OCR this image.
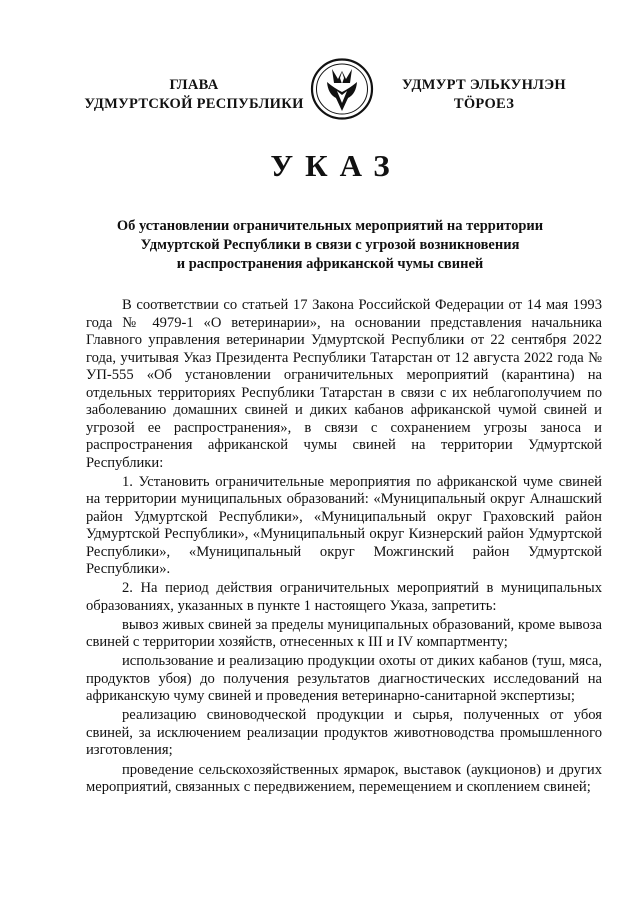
ГЛАВА
УДМУРТСКОЙ РЕСПУБЛИКИ
УДМУРТ ЭЛЬКУНЛЭН
ТӦРОЕЗ
УКАЗ
Об установлении ограничительных мероприятий на территории
Удмуртской Республики в связи с угрозой возникновения
и распространения африканской чумы свиней

В соответствии со статьей 17 Закона Российской Федерации от 14 мая 1993 года № 4979-1 «О ветеринарии», на основании представления начальника Главного управления ветеринарии Удмуртской Республики от 22 сентября 2022 года, учитывая Указ Президента Республики Татарстан от 12 августа 2022 года № УП-555 «Об установлении ограничительных мероприятий (карантина) на отдельных территориях Республики Татарстан в связи с их неблагополучием по заболеванию домашних свиней и диких кабанов африканской чумой свиней и угрозой ее распространения», в связи с сохранением угрозы заноса и распространения африканской чумы свиней на территории Удмуртской Республики:

1. Установить ограничительные мероприятия по африканской чуме свиней на территории муниципальных образований: «Муниципальный округ Алнашский район Удмуртской Республики», «Муниципальный округ Граховский район Удмуртской Республики», «Муниципальный округ Кизнерский район Удмуртской Республики», «Муниципальный округ Можгинский район Удмуртской Республики».

2. На период действия ограничительных мероприятий в муниципальных образованиях, указанных в пункте 1 настоящего Указа, запретить:

вывоз живых свиней за пределы муниципальных образований, кроме вывоза свиней с территории хозяйств, отнесенных к III и IV компартменту;

использование и реализацию продукции охоты от диких кабанов (туш, мяса, продуктов убоя) до получения результатов диагностических исследований на африканскую чуму свиней и проведения ветеринарно-санитарной экспертизы;

реализацию свиноводческой продукции и сырья, полученных от убоя свиней, за исключением реализации продуктов животноводства промышленного изготовления;

проведение сельскохозяйственных ярмарок, выставок (аукционов) и других мероприятий, связанных с передвижением, перемещением и скоплением свиней;
